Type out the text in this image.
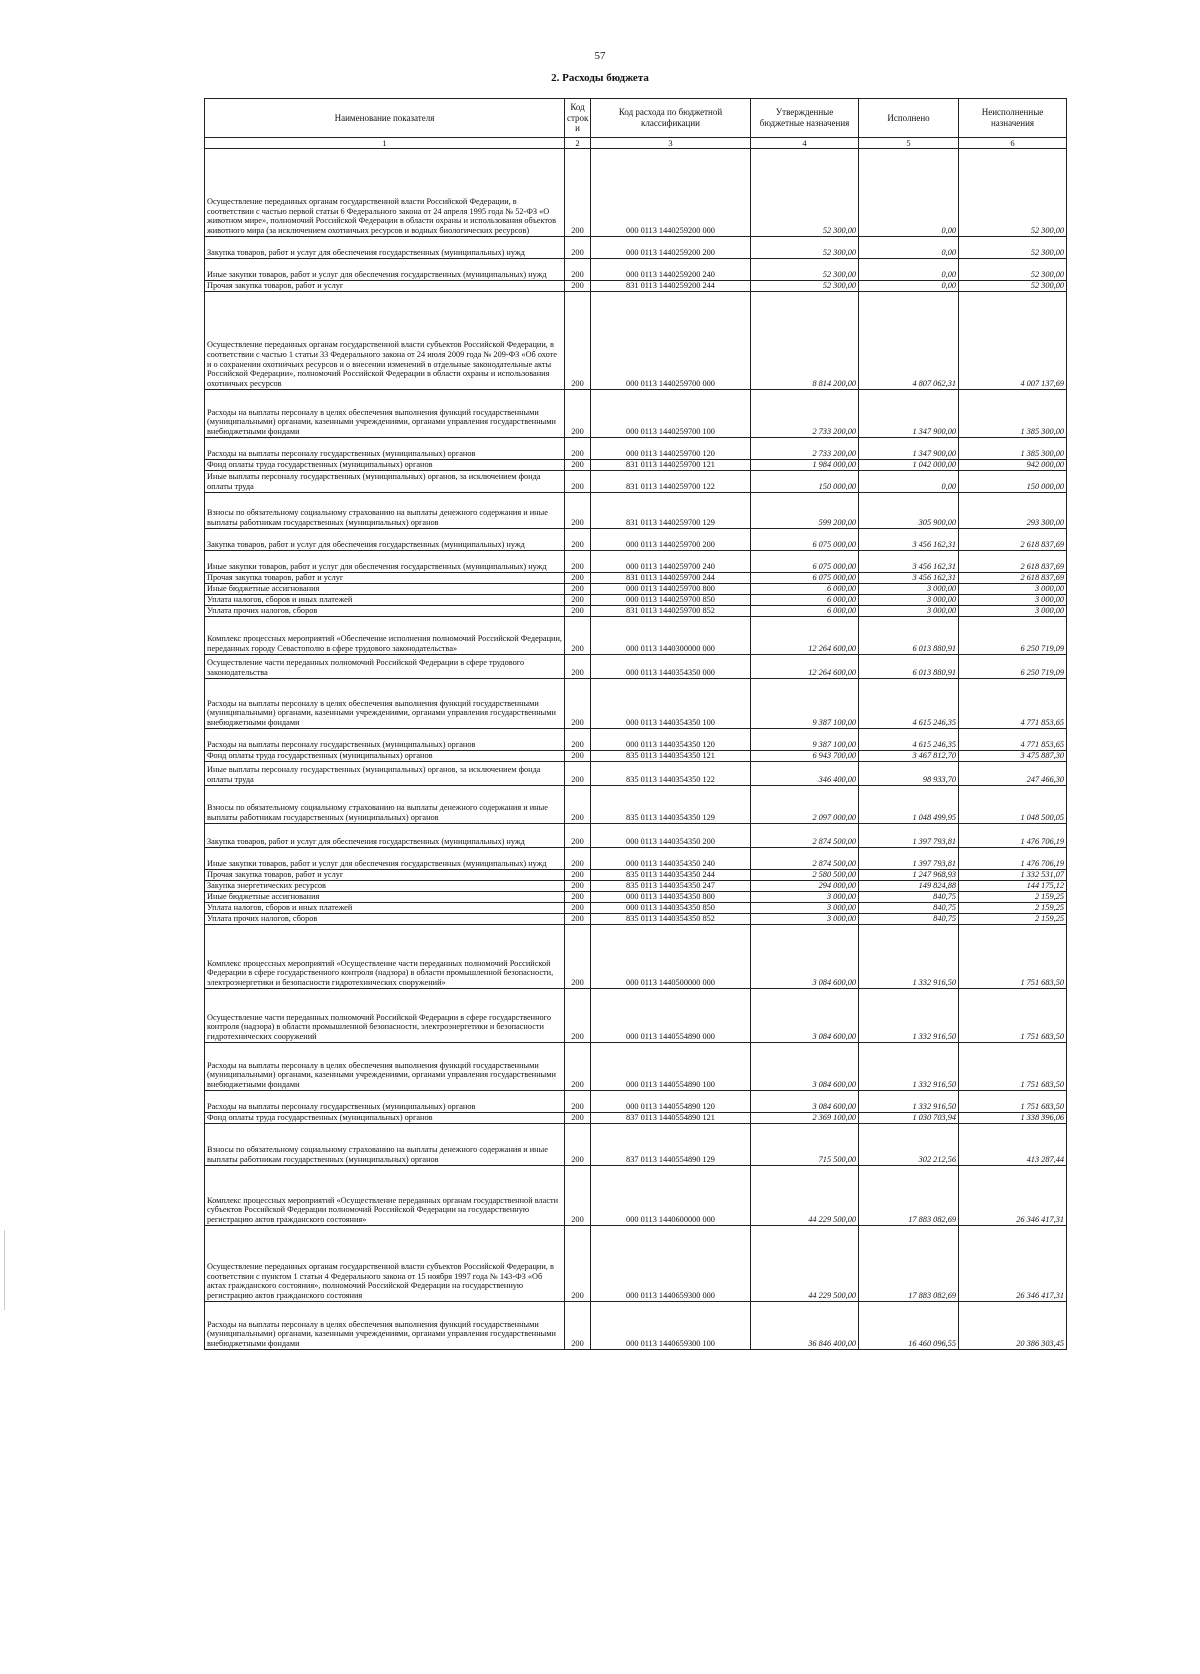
57
2. Расходы бюджета
Наименование показателя	Код строк и	Код расхода по бюджетной классификации	Утвержденные бюджетные назначения	Исполнено	Неисполненные назначения
1	2	3	4	5	6
Осуществление переданных органам государственной власти Российской Федерации, в соответствии с частью первой статьи 6 Федерального закона от 24 апреля 1995 года № 52-ФЗ «О животном мире», полномочий Российской Федерации в области охраны и использования объектов животного мира (за исключением охотничьих ресурсов и водных биологических ресурсов)	200	000 0113 1440259200 000	52 300,00	0,00	52 300,00
Закупка товаров, работ и услуг для обеспечения государственных (муниципальных) нужд	200	000 0113 1440259200 200	52 300,00	0,00	52 300,00
Иные закупки товаров, работ и услуг для обеспечения государственных (муниципальных) нужд	200	000 0113 1440259200 240	52 300,00	0,00	52 300,00
Прочая закупка товаров, работ и услуг	200	831 0113 1440259200 244	52 300,00	0,00	52 300,00
Осуществление переданных органам государственной власти субъектов Российской Федерации, в соответствии с частью 1 статьи 33 Федерального закона от 24 июля 2009 года № 209-ФЗ «Об охоте и о сохранении охотничьих ресурсов и о внесении изменений в отдельные законодательные акты Российской Федерации», полномочий Российской Федерации в области охраны и использования охотничьих ресурсов	200	000 0113 1440259700 000	8 814 200,00	4 807 062,31	4 007 137,69
Расходы на выплаты персоналу в целях обеспечения выполнения функций государственными (муниципальными) органами, казенными учреждениями, органами управления государственными внебюджетными фондами	200	000 0113 1440259700 100	2 733 200,00	1 347 900,00	1 385 300,00
Расходы на выплаты персоналу государственных (муниципальных) органов	200	000 0113 1440259700 120	2 733 200,00	1 347 900,00	1 385 300,00
Фонд оплаты труда государственных (муниципальных) органов	200	831 0113 1440259700 121	1 984 000,00	1 042 000,00	942 000,00
Иные выплаты персоналу государственных (муниципальных) органов, за исключением фонда оплаты труда	200	831 0113 1440259700 122	150 000,00	0,00	150 000,00
Взносы по обязательному социальному страхованию на выплаты денежного содержания и иные выплаты работникам государственных (муниципальных) органов	200	831 0113 1440259700 129	599 200,00	305 900,00	293 300,00
Закупка товаров, работ и услуг для обеспечения государственных (муниципальных) нужд	200	000 0113 1440259700 200	6 075 000,00	3 456 162,31	2 618 837,69
Иные закупки товаров, работ и услуг для обеспечения государственных (муниципальных) нужд	200	000 0113 1440259700 240	6 075 000,00	3 456 162,31	2 618 837,69
Прочая закупка товаров, работ и услуг	200	831 0113 1440259700 244	6 075 000,00	3 456 162,31	2 618 837,69
Иные бюджетные ассигнования	200	000 0113 1440259700 800	6 000,00	3 000,00	3 000,00
Уплата налогов, сборов и иных платежей	200	000 0113 1440259700 850	6 000,00	3 000,00	3 000,00
Уплата прочих налогов, сборов	200	831 0113 1440259700 852	6 000,00	3 000,00	3 000,00
Комплекс процессных мероприятий «Обеспечение исполнения полномочий Российской Федерации, переданных городу Севастополю в сфере трудового законодательства»	200	000 0113 1440300000 000	12 264 600,00	6 013 880,91	6 250 719,09
Осуществление части переданных полномочий Российской Федерации в сфере трудового законодательства	200	000 0113 1440354350 000	12 264 600,00	6 013 880,91	6 250 719,09
Расходы на выплаты персоналу в целях обеспечения выполнения функций государственными (муниципальными) органами, казенными учреждениями, органами управления государственными внебюджетными фондами	200	000 0113 1440354350 100	9 387 100,00	4 615 246,35	4 771 853,65
Расходы на выплаты персоналу государственных (муниципальных) органов	200	000 0113 1440354350 120	9 387 100,00	4 615 246,35	4 771 853,65
Фонд оплаты труда государственных (муниципальных) органов	200	835 0113 1440354350 121	6 943 700,00	3 467 812,70	3 475 887,30
Иные выплаты персоналу государственных (муниципальных) органов, за исключением фонда оплаты труда	200	835 0113 1440354350 122	346 400,00	98 933,70	247 466,30
Взносы по обязательному социальному страхованию на выплаты денежного содержания и иные выплаты работникам государственных (муниципальных) органов	200	835 0113 1440354350 129	2 097 000,00	1 048 499,95	1 048 500,05
Закупка товаров, работ и услуг для обеспечения государственных (муниципальных) нужд	200	000 0113 1440354350 200	2 874 500,00	1 397 793,81	1 476 706,19
Иные закупки товаров, работ и услуг для обеспечения государственных (муниципальных) нужд	200	000 0113 1440354350 240	2 874 500,00	1 397 793,81	1 476 706,19
Прочая закупка товаров, работ и услуг	200	835 0113 1440354350 244	2 580 500,00	1 247 968,93	1 332 531,07
Закупка энергетических ресурсов	200	835 0113 1440354350 247	294 000,00	149 824,88	144 175,12
Иные бюджетные ассигнования	200	000 0113 1440354350 800	3 000,00	840,75	2 159,25
Уплата налогов, сборов и иных платежей	200	000 0113 1440354350 850	3 000,00	840,75	2 159,25
Уплата прочих налогов, сборов	200	835 0113 1440354350 852	3 000,00	840,75	2 159,25
Комплекс процессных мероприятий «Осуществление части переданных полномочий Российской Федерации в сфере государственного контроля (надзора) в области промышленной безопасности, электроэнергетики и безопасности гидротехнических сооружений»	200	000 0113 1440500000 000	3 084 600,00	1 332 916,50	1 751 683,50
Осуществление части переданных полномочий Российской Федерации в сфере государственного контроля (надзора) в области промышленной безопасности, электроэнергетики и безопасности гидротехнических сооружений	200	000 0113 1440554890 000	3 084 600,00	1 332 916,50	1 751 683,50
Расходы на выплаты персоналу в целях обеспечения выполнения функций государственными (муниципальными) органами, казенными учреждениями, органами управления государственными внебюджетными фондами	200	000 0113 1440554890 100	3 084 600,00	1 332 916,50	1 751 683,50
Расходы на выплаты персоналу государственных (муниципальных) органов	200	000 0113 1440554890 120	3 084 600,00	1 332 916,50	1 751 683,50
Фонд оплаты труда государственных (муниципальных) органов	200	837 0113 1440554890 121	2 369 100,00	1 030 703,94	1 338 396,06
Взносы по обязательному социальному страхованию на выплаты денежного содержания и иные выплаты работникам государственных (муниципальных) органов	200	837 0113 1440554890 129	715 500,00	302 212,56	413 287,44
Комплекс процессных мероприятий «Осуществление переданных органам государственной власти субъектов Российской Федерации полномочий Российской Федерации на государственную регистрацию актов гражданского состояния»	200	000 0113 1440600000 000	44 229 500,00	17 883 082,69	26 346 417,31
Осуществление переданных органам государственной власти субъектов Российской Федерации, в соответствии с пунктом 1 статьи 4 Федерального закона от 15 ноября 1997 года № 143-ФЗ «Об актах гражданского состояния», полномочий Российской Федерации на государственную регистрацию актов гражданского состояния	200	000 0113 1440659300 000	44 229 500,00	17 883 082,69	26 346 417,31
Расходы на выплаты персоналу в целях обеспечения выполнения функций государственными (муниципальными) органами, казенными учреждениями, органами управления государственными внебюджетными фондами	200	000 0113 1440659300 100	36 846 400,00	16 460 096,55	20 386 303,45
